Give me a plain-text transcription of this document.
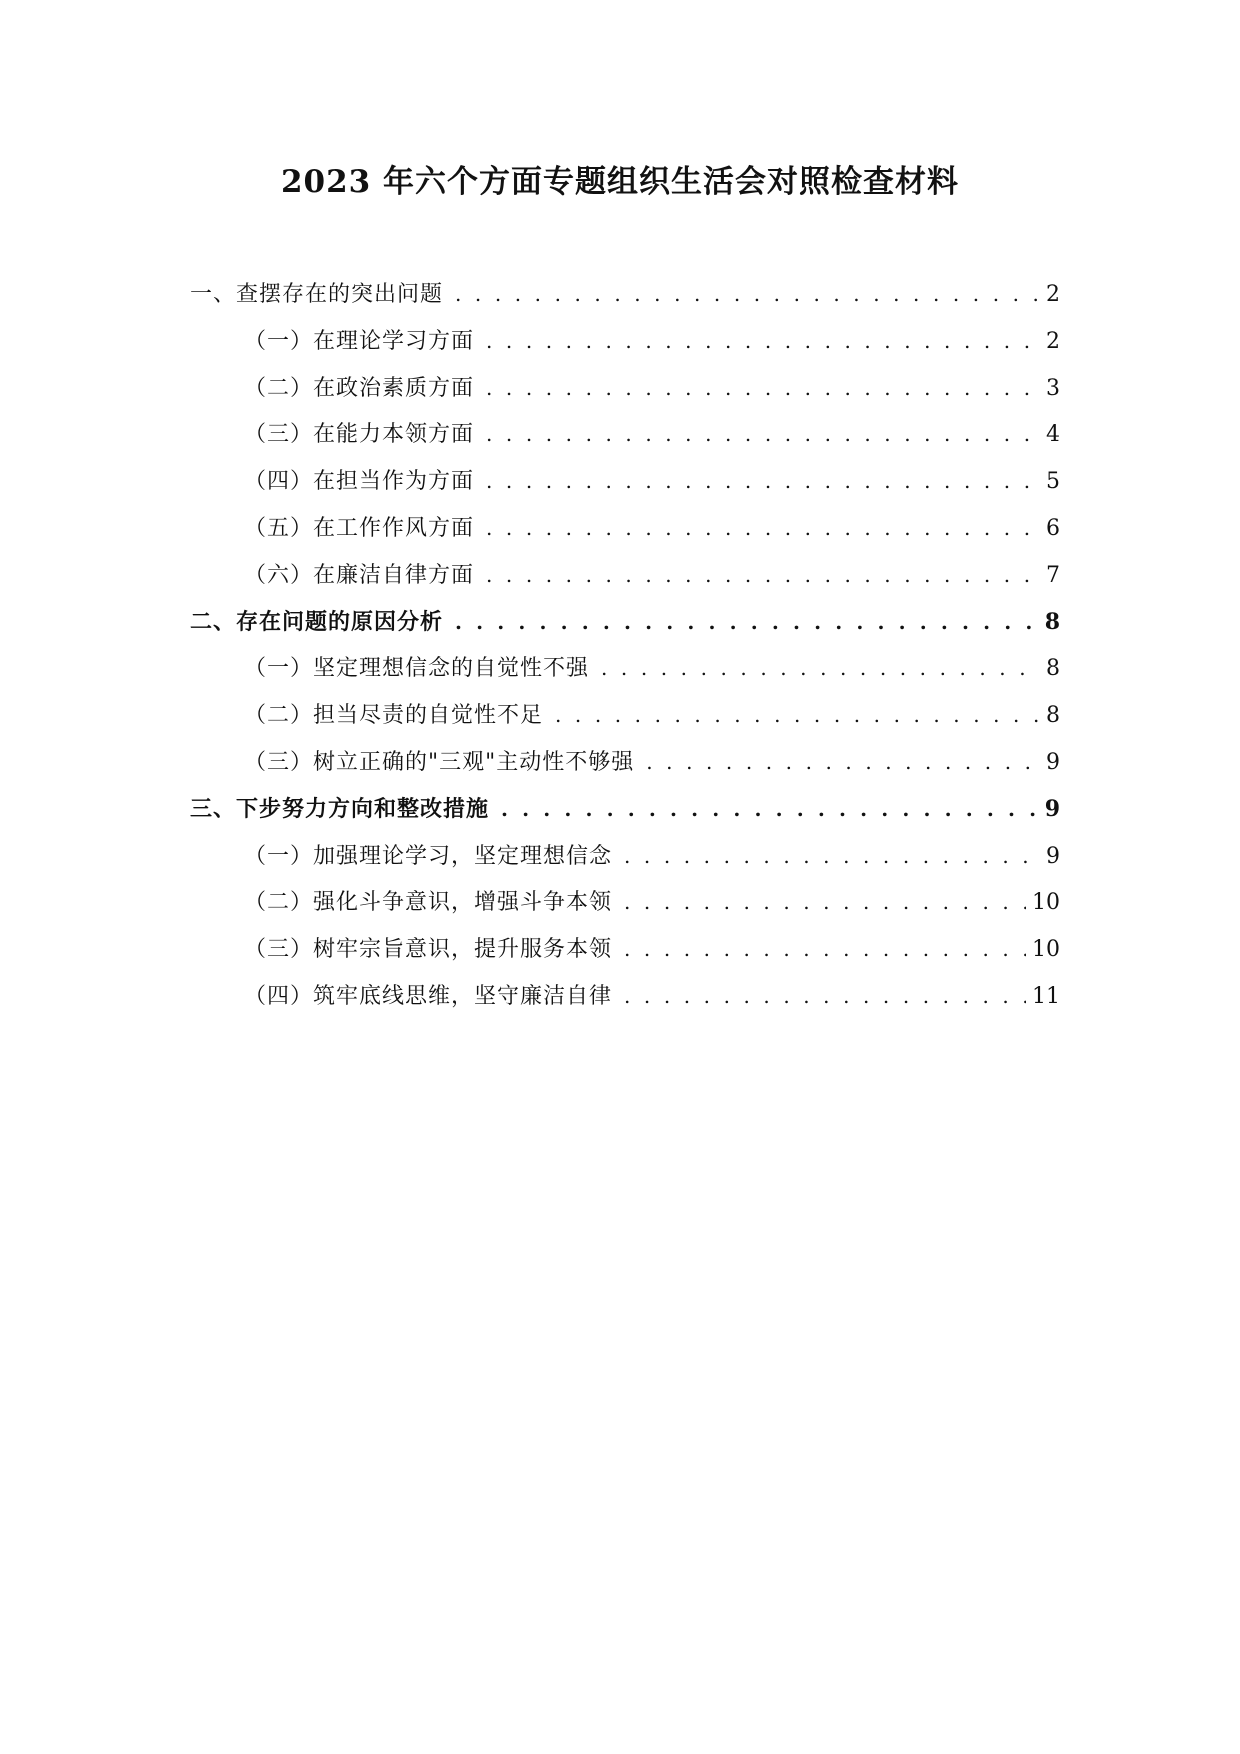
2023 年六个方面专题组织生活会对照检查材料
一、查摆存在的突出问题 . . .	2
（一）在理论学习方面 . . .	2
（二）在政治素质方面 . . .	3
（三）在能力本领方面 . . .	4
（四）在担当作为方面 . . .	5
（五）在工作作风方面 . . .	6
（六）在廉洁自律方面 . . .	7
二、存在问题的原因分析 . . .	8
（一）坚定理想信念的自觉性不强 . . .	8
（二）担当尽责的自觉性不足 . . .	8
（三）树立正确的"三观"主动性不够强 . . .	9
三、下步努力方向和整改措施 . . .	9
（一）加强理论学习，坚定理想信念 . . .	9
（二）强化斗争意识，增强斗争本领 . . .	10
（三）树牢宗旨意识，提升服务本领 . . .	10
（四）筑牢底线思维，坚守廉洁自律 . . .	11
